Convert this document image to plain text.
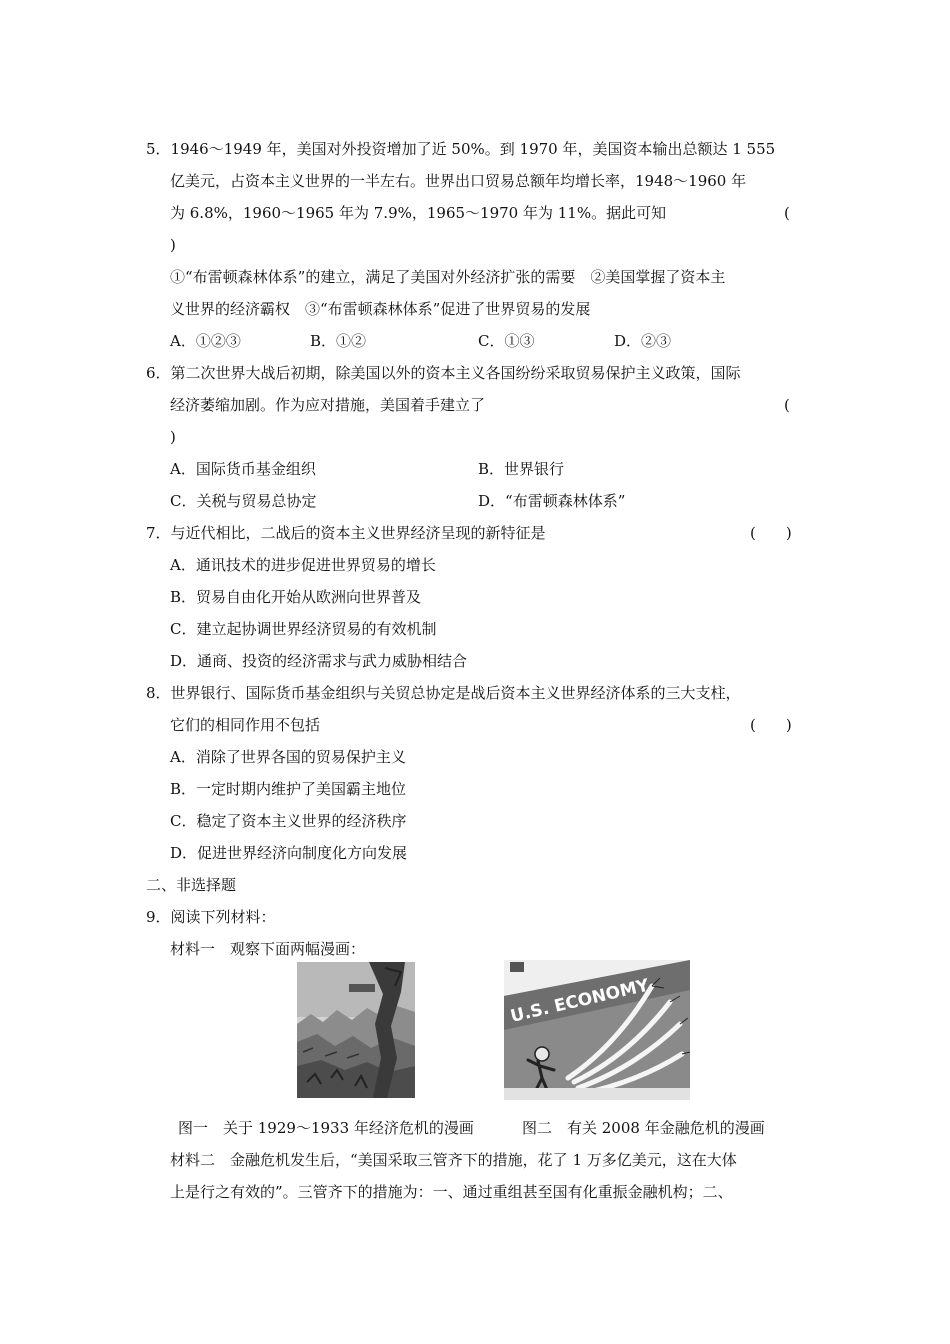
5．1946～1949 年，美国对外投资增加了近 50%。到 1970 年，美国资本输出总额达 1 555
亿美元，占资本主义世界的一半左右。世界出口贸易总额年均增长率，1948～1960 年
为 6.8%，1960～1965 年为 7.9%，1965～1970 年为 11%。据此可知	(
)
①“布雷顿森林体系”的建立，满足了美国对外经济扩张的需要　②美国掌握了资本主
义世界的经济霸权　③“布雷顿森林体系”促进了世界贸易的发展
A．①②③	B．①②	C．①③	D．②③
6．第二次世界大战后初期，除美国以外的资本主义各国纷纷采取贸易保护主义政策，国际
经济萎缩加剧。作为应对措施，美国着手建立了	(
)
A．国际货币基金组织	B．世界银行
C．关税与贸易总协定	D．“布雷顿森林体系”
7．与近代相比，二战后的资本主义世界经济呈现的新特征是	(　　)
A．通讯技术的进步促进世界贸易的增长
B．贸易自由化开始从欧洲向世界普及
C．建立起协调世界经济贸易的有效机制
D．通商、投资的经济需求与武力威胁相结合
8．世界银行、国际货币基金组织与关贸总协定是战后资本主义世界经济体系的三大支柱，
它们的相同作用不包括	(　　)
A．消除了世界各国的贸易保护主义
B．一定时期内维护了美国霸主地位
C．稳定了资本主义世界的经济秩序
D．促进世界经济向制度化方向发展
二、非选择题
9．阅读下列材料：
材料一　观察下面两幅漫画：
U.S. ECONOMY
图一　关于 1929～1933 年经济危机的漫画	图二　有关 2008 年金融危机的漫画
材料二　金融危机发生后，“美国采取三管齐下的措施，花了 1 万多亿美元，这在大体
上是行之有效的”。三管齐下的措施为：一、通过重组甚至国有化重振金融机构；二、
